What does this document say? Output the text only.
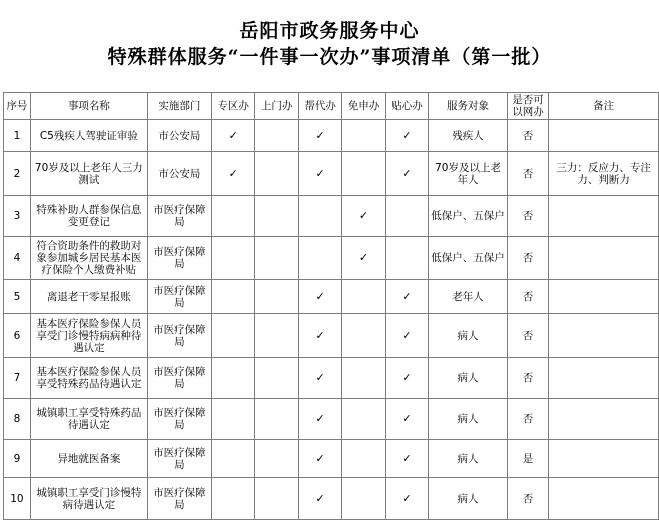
岳阳市政务服务中心
特殊群体服务“一件事一次办”事项清单（第一批）
序号	事项名称	实施部门	专区办	上门办	帮代办	免申办	贴心办	服务对象	是否可以网办	备注
1	C5残疾人驾驶证审验	市公安局	✓		✓		✓	残疾人	否	
2	70岁及以上老年人三力测试	市公安局	✓		✓		✓	70岁及以上老年人	否	三力：反应力、专注力、判断力
3	特殊补助人群参保信息变更登记	市医疗保障局				✓		低保户、五保户	否	
4	符合资助条件的救助对象参加城乡居民基本医疗保险个人缴费补贴	市医疗保障局				✓		低保户、五保户	否	
5	离退老干零星报账	市医疗保障局			✓		✓	老年人	否	
6	基本医疗保险参保人员享受门诊慢特病病种待遇认定	市医疗保障局			✓		✓	病人	否	
7	基本医疗保险参保人员享受特殊药品待遇认定	市医疗保障局			✓		✓	病人	否	
8	城镇职工享受特殊药品待遇认定	市医疗保障局			✓		✓	病人	否	
9	异地就医备案	市医疗保障局			✓		✓	病人	是	
10	城镇职工享受门诊慢特病待遇认定	市医疗保障局			✓		✓	病人	否	
